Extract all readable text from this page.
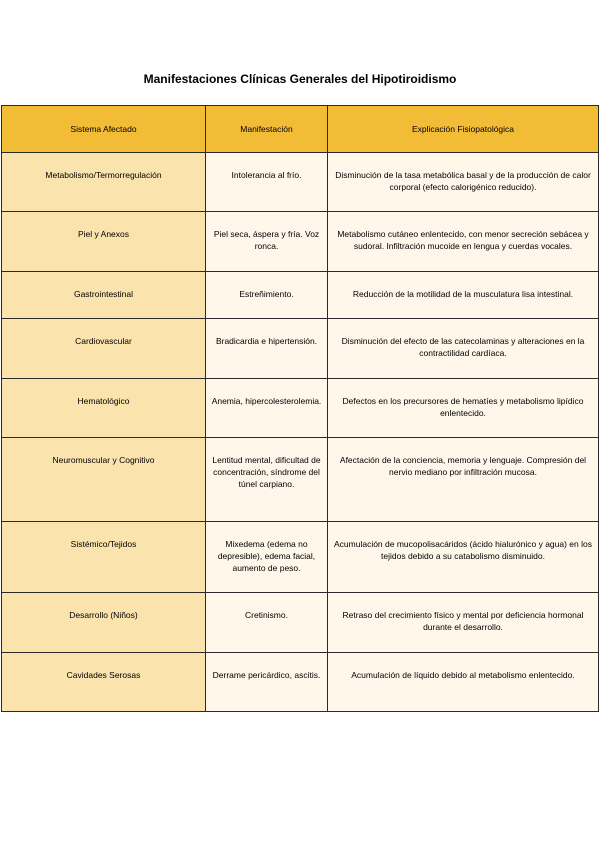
Manifestaciones Clínicas Generales del Hipotiroidismo
Sistema Afectado	Manifestación	Explicación Fisiopatológica

Metabolismo/Termorregulación	Intolerancia al frío.	Disminución de la tasa metabólica basal y de la producción de calor corporal (efecto calorigénico reducido).

Piel y Anexos	Piel seca, áspera y fría. Voz ronca.	Metabolismo cutáneo enlentecido, con menor secreción sebácea y sudoral. Infiltración mucoide en lengua y cuerdas vocales.

Gastrointestinal	Estreñimiento.	Reducción de la motilidad de la musculatura lisa intestinal.

Cardiovascular	Bradicardia e hipertensión.	Disminución del efecto de las catecolaminas y alteraciones en la contractilidad cardíaca.

Hematológico	Anemia, hipercolesterolemia.	Defectos en los precursores de hematíes y metabolismo lipídico enlentecido.

Neuromuscular y Cognitivo	Lentitud mental, dificultad de concentración, síndrome del túnel carpiano.	Afectación de la conciencia, memoria y lenguaje. Compresión del nervio mediano por infiltración mucosa.

Sistémico/Tejidos	Mixedema (edema no depresible), edema facial, aumento de peso.	Acumulación de mucopolisacáridos (ácido hialurónico y agua) en los tejidos debido a su catabolismo disminuido.

Desarrollo (Niños)	Cretinismo.	Retraso del crecimiento físico y mental por deficiencia hormonal durante el desarrollo.

Cavidades Serosas	Derrame pericárdico, ascitis.	Acumulación de líquido debido al metabolismo enlentecido.
